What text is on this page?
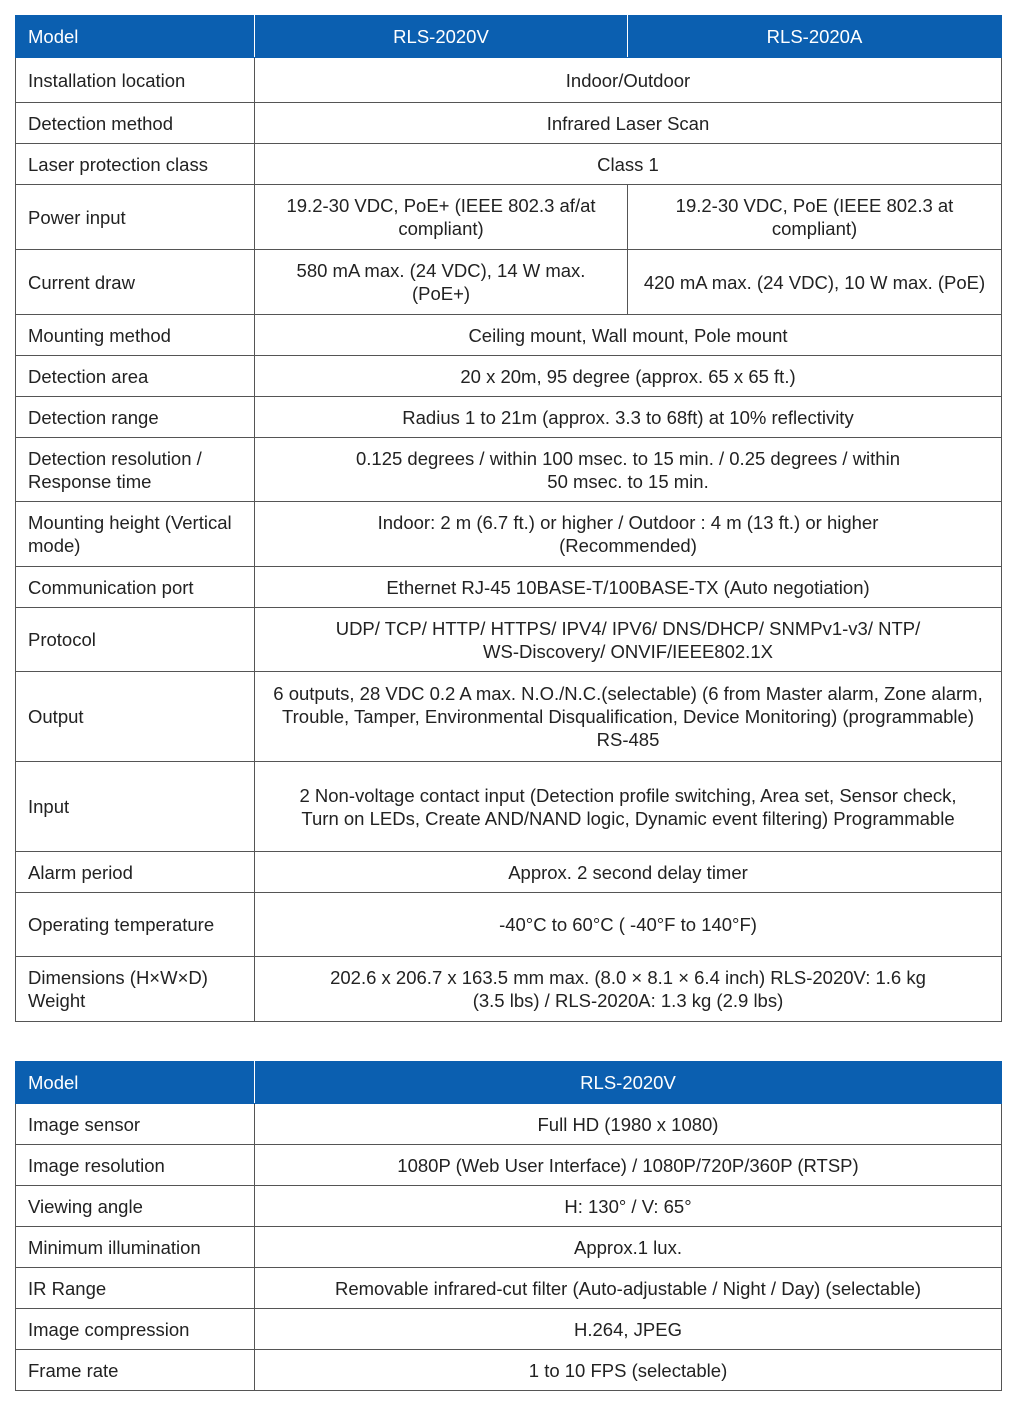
Model	RLS-2020V	RLS-2020A
Installation location	Indoor/Outdoor	
Detection method	Infrared Laser Scan	
Laser protection class	Class 1	
Power input	19.2-30 VDC, PoE+ (IEEE 802.3 af/at compliant)	19.2-30 VDC, PoE (IEEE 802.3 at compliant)
Current draw	580 mA max. (24 VDC), 14 W max. (PoE+)	420 mA max. (24 VDC), 10 W max. (PoE)
Mounting method	Ceiling mount, Wall mount, Pole mount	
Detection area	20 x 20m, 95 degree (approx. 65 x 65 ft.)	
Detection range	Radius 1 to 21m (approx. 3.3 to 68ft) at 10% reflectivity	
Detection resolution / Response time	0.125 degrees / within 100 msec. to 15 min. / 0.25 degrees / within 50 msec. to 15 min.	
Mounting height (Vertical mode)	Indoor: 2 m (6.7 ft.) or higher / Outdoor : 4 m (13 ft.) or higher (Recommended)	
Communication port	Ethernet RJ-45 10BASE-T/100BASE-TX (Auto negotiation)	
Protocol	UDP/ TCP/ HTTP/ HTTPS/ IPV4/ IPV6/ DNS/DHCP/ SNMPv1-v3/ NTP/ WS-Discovery/ ONVIF/IEEE802.1X	
Output	6 outputs, 28 VDC 0.2 A max. N.O./N.C.(selectable) (6 from Master alarm, Zone alarm, Trouble, Tamper, Environmental Disqualification, Device Monitoring) (programmable) RS-485	
Input	2 Non-voltage contact input (Detection profile switching, Area set, Sensor check, Turn on LEDs, Create AND/NAND logic, Dynamic event filtering) Programmable	
Alarm period	Approx. 2 second delay timer	
Operating temperature	-40°C to 60°C ( -40°F to 140°F)	
Dimensions (H×W×D) Weight	202.6 x 206.7 x 163.5 mm max. (8.0 × 8.1 × 6.4 inch) RLS-2020V: 1.6 kg (3.5 lbs) / RLS-2020A: 1.3 kg (2.9 lbs)	
Model	RLS-2020V
Image sensor	Full HD (1980 x 1080)
Image resolution	1080P (Web User Interface) / 1080P/720P/360P (RTSP)
Viewing angle	H: 130° / V: 65°
Minimum illumination	Approx.1 lux.
IR Range	Removable infrared-cut filter (Auto-adjustable / Night / Day) (selectable)
Image compression	H.264, JPEG
Frame rate	1 to 10 FPS (selectable)
